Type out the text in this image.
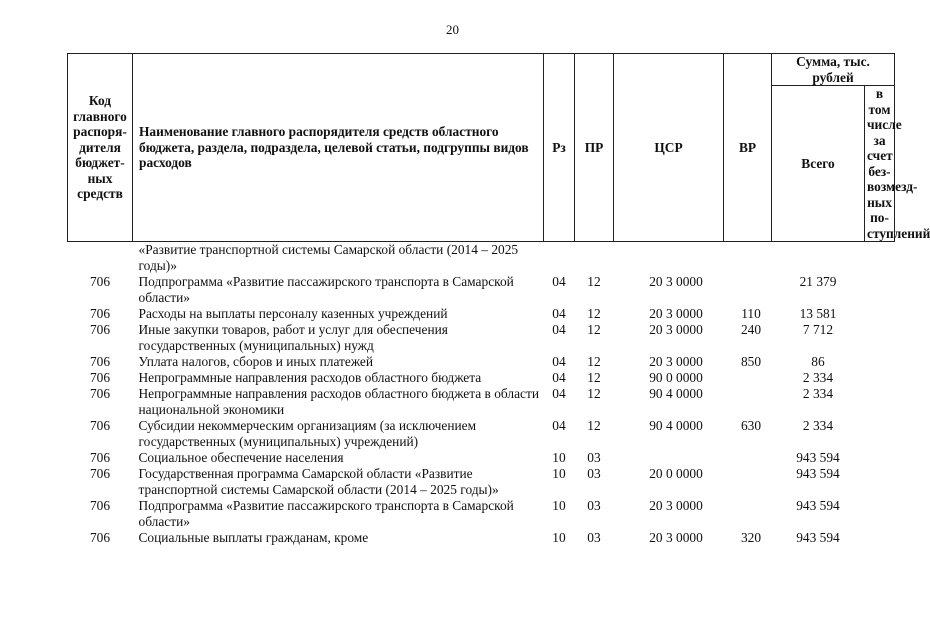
20
Код главного распоря-дителя бюджет-ных средств	Наименование главного распорядителя средств областного бюджета, раздела, подраздела, целевой статьи, подгруппы видов расходов	Рз	ПР	ЦСР	ВР	Сумма, тыс. рублей	
						Всего	в том числе за счет без-возмезд-ных по-ступлений
	«Развитие транспортной системы Самарской области (2014 – 2025 годы)»						
706	Подпрограмма «Развитие пассажирского транспорта в Самарской области»	04	12	20 3 0000		21 379	
706	Расходы на выплаты персоналу казенных учреждений	04	12	20 3 0000	110	13 581	
706	Иные закупки товаров, работ и услуг для обеспечения государственных (муниципальных) нужд	04	12	20 3 0000	240	7 712	
706	Уплата налогов, сборов и иных платежей	04	12	20 3 0000	850	86	
706	Непрограммные направления расходов областного бюджета	04	12	90 0 0000		2 334	
706	Непрограммные направления расходов областного бюджета в области национальной экономики	04	12	90 4 0000		2 334	
706	Субсидии некоммерческим организациям (за исключением государственных (муниципальных) учреждений)	04	12	90 4 0000	630	2 334	
706	Социальное обеспечение населения	10	03			943 594	
706	Государственная программа Самарской области «Развитие транспортной системы Самарской области (2014 – 2025 годы)»	10	03	20 0 0000		943 594	
706	Подпрограмма «Развитие пассажирского транспорта в Самарской области»	10	03	20 3 0000		943 594	
706	Социальные выплаты гражданам, кроме	10	03	20 3 0000	320	943 594	
